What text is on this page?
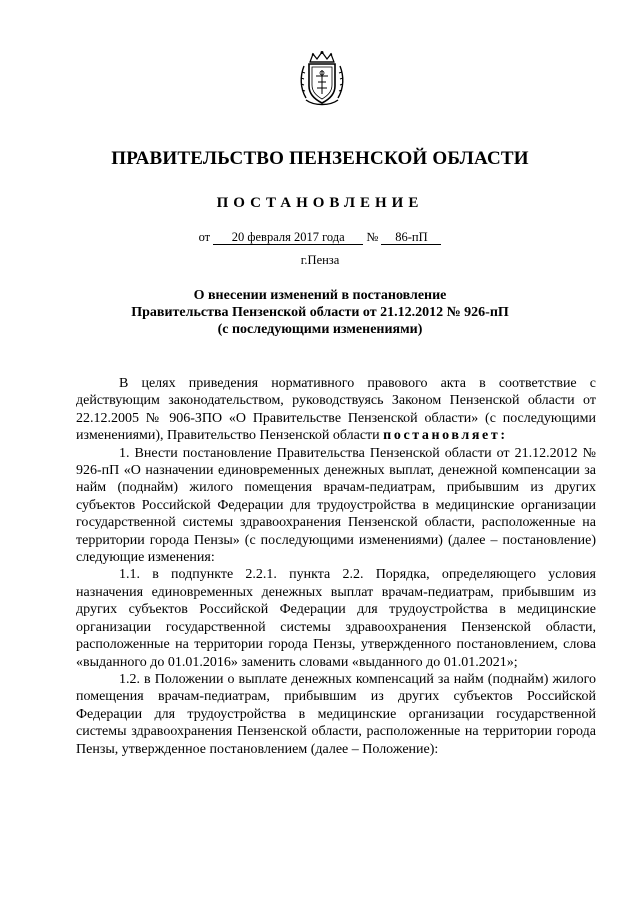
ПРАВИТЕЛЬСТВО ПЕНЗЕНСКОЙ ОБЛАСТИ
ПОСТАНОВЛЕНИЕ
от 20 февраля 2017 года № 86-пП
г.Пенза
О внесении изменений в постановление
Правительства Пензенской области от 21.12.2012 № 926-пП
(с последующими изменениями)

В целях приведения нормативного правового акта в соответствие с действующим законодательством, руководствуясь Законом Пензенской области от 22.12.2005 № 906-ЗПО «О Правительстве Пензенской области» (с последующими изменениями), Правительство Пензенской области постановляет:

1. Внести постановление Правительства Пензенской области от 21.12.2012 № 926-пП «О назначении единовременных денежных выплат, денежной компенсации за найм (поднайм) жилого помещения врачам-педиатрам, прибывшим из других субъектов Российской Федерации для трудоустройства в медицинские организации государственной системы здравоохранения Пензенской области, расположенные на территории города Пензы» (с последующими изменениями) (далее – постановление) следующие изменения:

1.1. в подпункте 2.2.1. пункта 2.2. Порядка, определяющего условия назначения единовременных денежных выплат врачам-педиатрам, прибывшим из других субъектов Российской Федерации для трудоустройства в медицинские организации государственной системы здравоохранения Пензенской области, расположенные на территории города Пензы, утвержденного постановлением, слова «выданного до 01.01.2016» заменить словами «выданного до 01.01.2021»;

1.2. в Положении о выплате денежных компенсаций за найм (поднайм) жилого помещения врачам-педиатрам, прибывшим из других субъектов Российской Федерации для трудоустройства в медицинские организации государственной системы здравоохранения Пензенской области, расположенные на территории города Пензы, утвержденное постановлением (далее – Положение):
